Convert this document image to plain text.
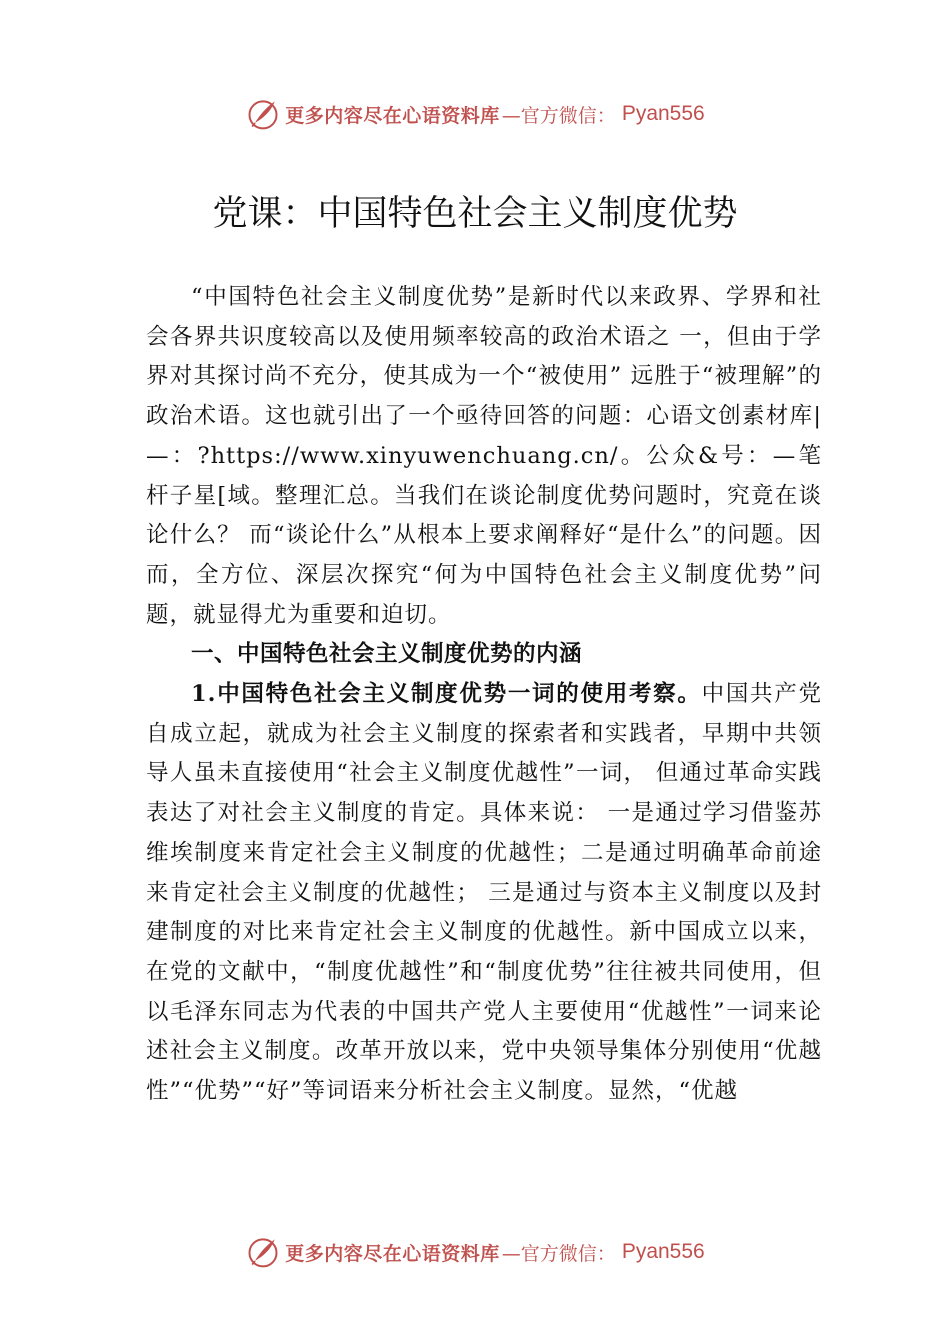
更多内容尽在心语资料库 —官方微信： Pyan556
党课：中国特色社会主义制度优势

“中国特色社会主义制度优势”是新时代以来政界、学界和社会各界共识度较高以及使用频率较高的政治术语之 一，但由于学界对其探讨尚不充分，使其成为一个“被使用” 远胜于“被理解”的政治术语。这也就引出了一个亟待回答的问题：心语文创素材库|—：?https://www.xinyuwenchuang.cn/。公众&号：—笔杆子星[域。整理汇总。当我们在谈论制度优势问题时，究竟在谈论什么？ 而“谈论什么”从根本上要求阐释好“是什么”的问题。因而，全方位、深层次探究“何为中国特色社会主义制度优势”问题，就显得尤为重要和迫切。

一、中国特色社会主义制度优势的内涵

1.中国特色社会主义制度优势一词的使用考察。中国共产党自成立起，就成为社会主义制度的探索者和实践者，早期中共领导人虽未直接使用“社会主义制度优越性”一词， 但通过革命实践表达了对社会主义制度的肯定。具体来说： 一是通过学习借鉴苏维埃制度来肯定社会主义制度的优越性；二是通过明确革命前途来肯定社会主义制度的优越性； 三是通过与资本主义制度以及封建制度的对比来肯定社会主义制度的优越性。新中国成立以来，在党的文献中，“制度优越性”和“制度优势”往往被共同使用，但以毛泽东同志为代表的中国共产党人主要使用“优越性”一词来论述社会主义制度。改革开放以来，党中央领导集体分别使用“优越性”“优势”“好”等词语来分析社会主义制度。显然，“优越

更多内容尽在心语资料库 —官方微信： Pyan556
